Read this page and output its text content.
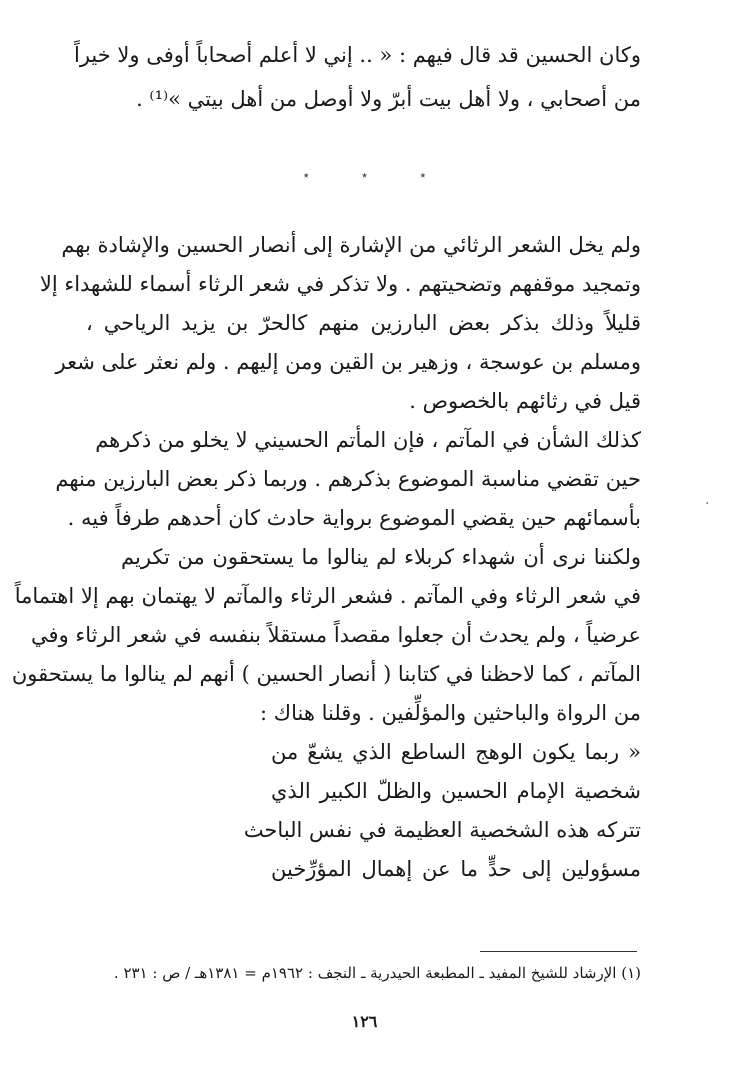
وكان الحسين قد قال فيهم : « .. إني لا أعلم أصحاباً أوفى ولا خيراً
من أصحابي ، ولا أهل بيت أبرّ ولا أوصل من أهل بيتي »⁽¹⁾ .
٭	٭	٭
ولم يخل الشعر الرثائي من الإشارة إلى أنصار الحسين والإشادة بهم
وتمجيد موقفهم وتضحيتهم . ولا تذكر في شعر الرثاء أسماء للشهداء إلا
قليلاً وذلك بذكر بعض البارزين منهم كالحرّ بن يزيد الرياحي ،
ومسلم بن عوسجة ، وزهير بن القين ومن إليهم . ولم نعثر على شعر
قيل في رثائهم بالخصوص .
كذلك الشأن في المآتم ، فإن المأتم الحسيني لا يخلو من ذكرهم
حين تقضي مناسبة الموضوع بذكرهم . وربما ذكر بعض البارزين منهم
بأسمائهم حين يقضي الموضوع برواية حادث كان أحدهم طرفاً فيه .
ولكننا نرى أن شهداء كربلاء لم ينالوا ما يستحقون من تكريم
في شعر الرثاء وفي المآتم . فشعر الرثاء والمآتم لا يهتمان بهم إلا اهتماماً
عرضياً ، ولم يحدث أن جعلوا مقصداً مستقلاً بنفسه في شعر الرثاء وفي
المآتم ، كما لاحظنا في كتابنا ( أنصار الحسين ) أنهم لم ينالوا ما يستحقون
من الرواة والباحثين والمؤلِّفين . وقلنا هناك :
« ربما يكون الوهج الساطع الذي يشعّ من
شخصية الإمام الحسين والظلّ الكبير الذي
تتركه هذه الشخصية العظيمة في نفس الباحث
مسؤولين إلى حدٍّ ما عن إهمال المؤرِّخين
(١) الإرشاد للشيخ المفيد ـ المطبعة الحيدرية ـ النجف : ١٩٦٢م = ١٣٨١هـ / ص : ٢٣١ .
١٢٦
.
